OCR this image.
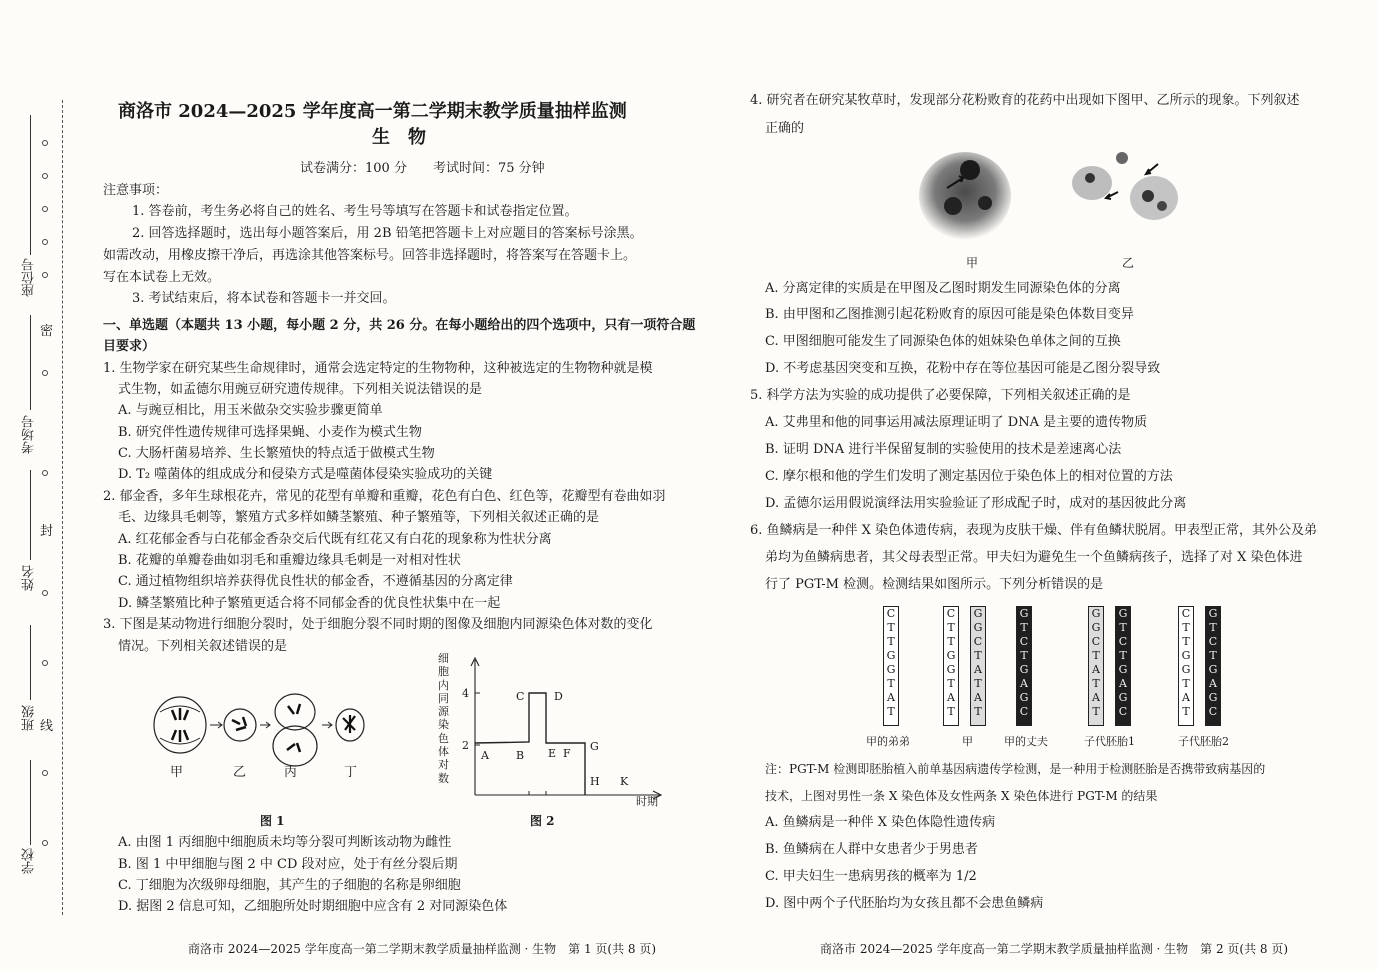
座位号
考场号
姓名
班级
学校
密
封
线
商洛市 2024—2025 学年度高一第二学期末教学质量抽样监测
生　物
试卷满分：100 分　　考试时间：75 分钟
注意事项：
1. 答卷前，考生务必将自己的姓名、考生号等填写在答题卡和试卷指定位置。
2. 回答选择题时，选出每小题答案后，用 2B 铅笔把答题卡上对应题目的答案标号涂黑。
如需改动，用橡皮擦干净后，再选涂其他答案标号。回答非选择题时，将答案写在答题卡上。
写在本试卷上无效。
3. 考试结束后，将本试卷和答题卡一并交回。
一、单选题（本题共 13 小题，每小题 2 分，共 26 分。在每小题给出的四个选项中，只有一项符合题
目要求）
1. 生物学家在研究某些生命规律时，通常会选定特定的生物物种，这种被选定的生物物种就是模
式生物，如孟德尔用豌豆研究遗传规律。下列相关说法错误的是
A. 与豌豆相比，用玉米做杂交实验步骤更简单
B. 研究伴性遗传规律可选择果蝇、小麦作为模式生物
C. 大肠杆菌易培养、生长繁殖快的特点适于做模式生物
D. T₂ 噬菌体的组成成分和侵染方式是噬菌体侵染实验成功的关键
2. 郁金香，多年生球根花卉，常见的花型有单瓣和重瓣，花色有白色、红色等，花瓣型有卷曲如羽
毛、边缘具毛刺等，繁殖方式多样如鳞茎繁殖、种子繁殖等，下列相关叙述正确的是
A. 红花郁金香与白花郁金香杂交后代既有红花又有白花的现象称为性状分离
B. 花瓣的单瓣卷曲如羽毛和重瓣边缘具毛刺是一对相对性状
C. 通过植物组织培养获得优良性状的郁金香，不遵循基因的分离定律
D. 鳞茎繁殖比种子繁殖更适合将不同郁金香的优良性状集中在一起
3. 下图是某动物进行细胞分裂时，处于细胞分裂不同时期的图像及细胞内同源染色体对数的变化
情况。下列相关叙述错误的是
甲	乙	丙	丁
图 1
细
胞
内
同
源
染
色
体
对
数
4
2
A B
C	D
E F
G
H K
时期
图 2
A. 由图 1 丙细胞中细胞质未均等分裂可判断该动物为雌性
B. 图 1 中甲细胞与图 2 中 CD 段对应，处于有丝分裂后期
C. 丁细胞为次级卵母细胞，其产生的子细胞的名称是卵细胞
D. 据图 2 信息可知，乙细胞所处时期细胞中应含有 2 对同源染色体
商洛市 2024—2025 学年度高一第二学期末教学质量抽样监测 · 生物　第 1 页(共 8 页)
4. 研究者在研究某牧草时，发现部分花粉败育的花药中出现如下图甲、乙所示的现象。下列叙述
正确的
甲	乙
A. 分离定律的实质是在甲图及乙图时期发生同源染色体的分离
B. 由甲图和乙图推测引起花粉败育的原因可能是染色体数目变异
C. 甲图细胞可能发生了同源染色体的姐妹染色单体之间的互换
D. 不考虑基因突变和互换，花粉中存在等位基因可能是乙图分裂导致
5. 科学方法为实验的成功提供了必要保障，下列相关叙述正确的是
A. 艾弗里和他的同事运用减法原理证明了 DNA 是主要的遗传物质
B. 证明 DNA 进行半保留复制的实验使用的技术是差速离心法
C. 摩尔根和他的学生们发明了测定基因位于染色体上的相对位置的方法
D. 孟德尔运用假说演绎法用实验验证了形成配子时，成对的基因彼此分离
6. 鱼鳞病是一种伴 X 染色体遗传病，表现为皮肤干燥、伴有鱼鳞状脱屑。甲表型正常，其外公及弟
弟均为鱼鳞病患者，其父母表型正常。甲夫妇为避免生一个鱼鳞病孩子，选择了对 X 染色体进
行了 PGT-M 检测。检测结果如图所示。下列分析错误的是
C
T
T
G
G
T
A
T
C
T
T
G
G
T
A
T
G
G
C
T
A
T
A
T
G
T
C
T
G
A
G
C
G
G
C
T
A
T
A
T
G
T
C
T
G
A
G
C
C
T
T
G
G
T
A
T
G
T
C
T
G
A
G
C
甲的弟弟	甲	甲的丈夫	子代胚胎1	子代胚胎2
注：PGT-M 检测即胚胎植入前单基因病遗传学检测，是一种用于检测胚胎是否携带致病基因的
技术，上图对男性一条 X 染色体及女性两条 X 染色体进行 PGT-M 的结果
A. 鱼鳞病是一种伴 X 染色体隐性遗传病
B. 鱼鳞病在人群中女患者少于男患者
C. 甲夫妇生一患病男孩的概率为 1/2
D. 图中两个子代胚胎均为女孩且都不会患鱼鳞病
商洛市 2024—2025 学年度高一第二学期末教学质量抽样监测 · 生物　第 2 页(共 8 页)
